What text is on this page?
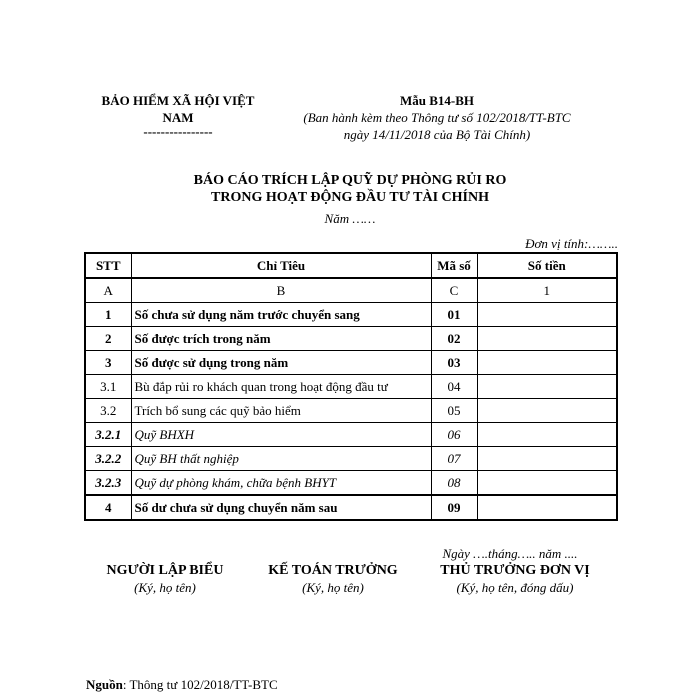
BẢO HIỂM XÃ HỘI VIỆT
NAM
----------------
Mẫu B14-BH
(Ban hành kèm theo Thông tư số 102/2018/TT-BTC
ngày 14/11/2018 của Bộ Tài Chính)
BÁO CÁO TRÍCH LẬP QUỸ DỰ PHÒNG RỦI RO
TRONG HOẠT ĐỘNG ĐẦU TƯ TÀI CHÍNH
Năm ……
Đơn vị tính:……..
STT	Chỉ Tiêu	Mã số	Số tiền
A	B	C	1
1	Số chưa sử dụng năm trước chuyển sang	01	
2	Số được trích trong năm	02	
3	Số được sử dụng trong năm	03	
3.1	Bù đắp rủi ro khách quan trong hoạt động đầu tư	04	
3.2	Trích bổ sung các quỹ bảo hiểm	05	
3.2.1	Quỹ BHXH	06	
3.2.2	Quỹ BH thất nghiệp	07	
3.2.3	Quỹ dự phòng khám, chữa bệnh BHYT	08	
4	Số dư chưa sử dụng chuyển năm sau	09	
Ngày ….tháng….. năm ....
NGƯỜI LẬP BIỂU
(Ký, họ tên)
KẾ TOÁN TRƯỞNG
(Ký, họ tên)
THỦ TRƯỞNG ĐƠN VỊ
(Ký, họ tên, đóng dấu)
Nguồn: Thông tư 102/2018/TT-BTC
